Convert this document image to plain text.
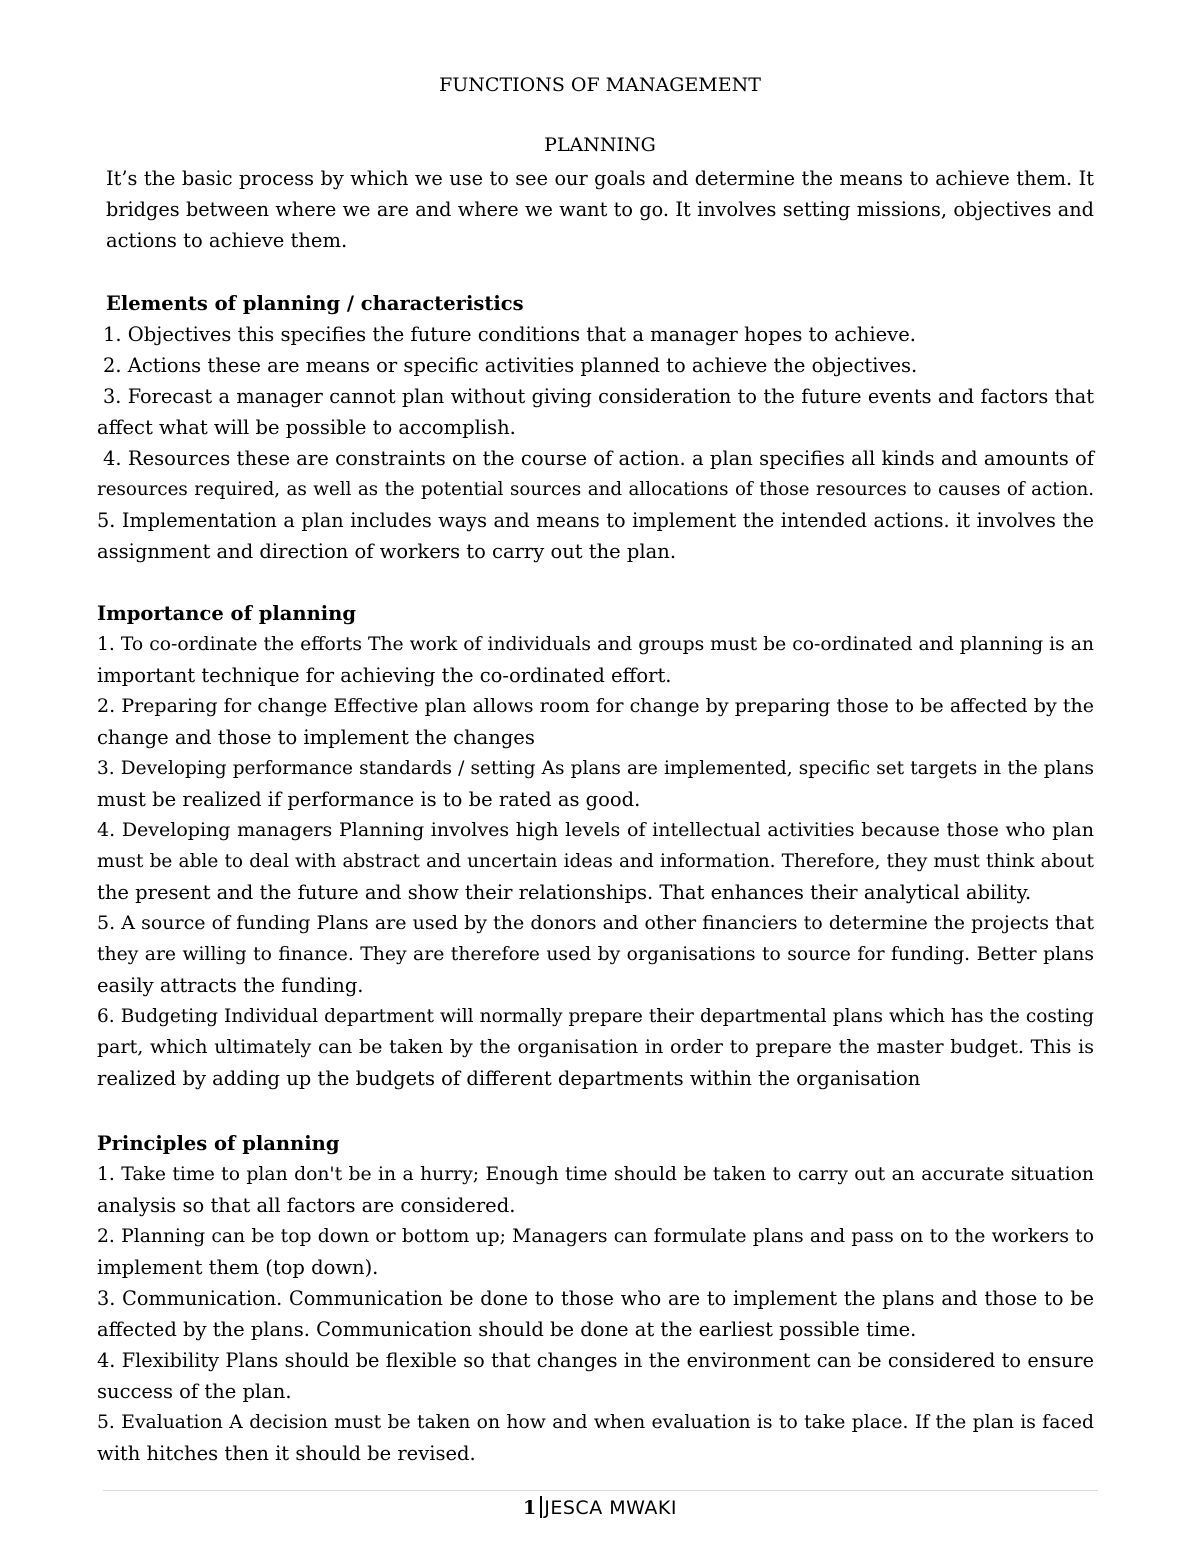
FUNCTIONS OF MANAGEMENT
PLANNING
It’s the basic process by which we use to see our goals and determine the means to achieve them. It
bridges between where we are and where we want to go. It involves setting missions, objectives and
actions to achieve them.
Elements of planning / characteristics
1. Objectives this specifies the future conditions that a manager hopes to achieve.
2. Actions these are means or specific activities planned to achieve the objectives.
3. Forecast a manager cannot plan without giving consideration to the future events and factors that
affect what will be possible to accomplish.
4. Resources these are constraints on the course of action. a plan specifies all kinds and amounts of
resources required, as well as the potential sources and allocations of those resources to causes of action.
5. Implementation a plan includes ways and means to implement the intended actions. it involves the
assignment and direction of workers to carry out the plan.
Importance of planning
1. To co-ordinate the efforts The work of individuals and groups must be co-ordinated and planning is an
important technique for achieving the co-ordinated effort.
2. Preparing for change Effective plan allows room for change by preparing those to be affected by the
change and those to implement the changes
3. Developing performance standards / setting As plans are implemented, specific set targets in the plans
must be realized if performance is to be rated as good.
4. Developing managers Planning involves high levels of intellectual activities because those who plan
must be able to deal with abstract and uncertain ideas and information. Therefore, they must think about
the present and the future and show their relationships. That enhances their analytical ability.
5. A source of funding Plans are used by the donors and other financiers to determine the projects that
they are willing to finance. They are therefore used by organisations to source for funding. Better plans
easily attracts the funding.
6. Budgeting Individual department will normally prepare their departmental plans which has the costing
part, which ultimately can be taken by the organisation in order to prepare the master budget. This is
realized by adding up the budgets of different departments within the organisation
Principles of planning
1. Take time to plan don't be in a hurry; Enough time should be taken to carry out an accurate situation
analysis so that all factors are considered.
2. Planning can be top down or bottom up; Managers can formulate plans and pass on to the workers to
implement them (top down).
3. Communication. Communication be done to those who are to implement the plans and those to be
affected by the plans. Communication should be done at the earliest possible time.
4. Flexibility Plans should be flexible so that changes in the environment can be considered to ensure
success of the plan.
5. Evaluation A decision must be taken on how and when evaluation is to take place. If the plan is faced
with hitches then it should be revised.
1 JESCA MWAKI
